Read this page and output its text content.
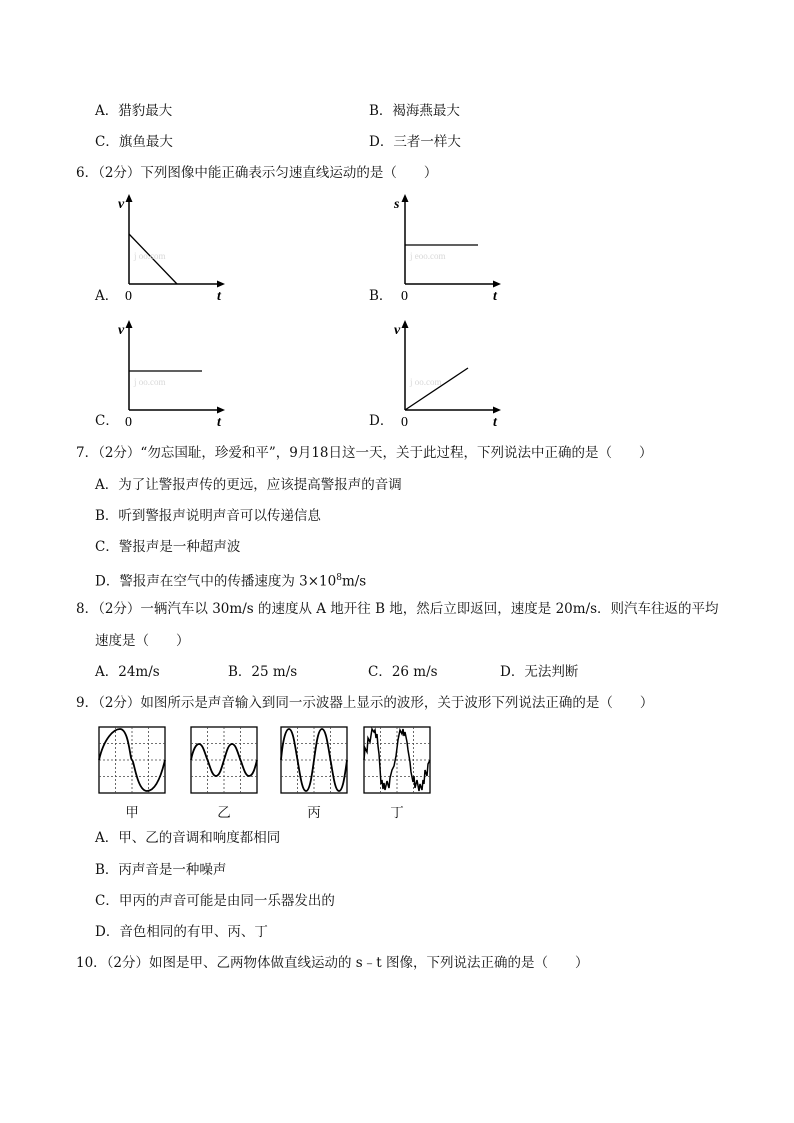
A．猎豹最大	B．褐海燕最大
C．旗鱼最大	D．三者一样大
6．（2分）下列图像中能正确表示匀速直线运动的是（　　）
j oo.com
v
t
0
A．
j eoo.com
s
t
0
B．
j oo.com
v
t
0
C．
j oo.com
v
t
0
D．
7．（2分）“勿忘国耻，珍爱和平”，9月18日这一天，关于此过程，下列说法中正确的是（　　）
A．为了让警报声传的更远，应该提高警报声的音调
B．听到警报声说明声音可以传递信息
C．警报声是一种超声波
D．警报声在空气中的传播速度为 $3\times 10^8m/s$
8．（2分）一辆汽车以 30m/s 的速度从 A 地开往 B 地，然后立即返回，速度是 20m/s．则汽车往返的平均
速度是（　　）
A．24m/s	B．25 m/s	C．26 m/s	D．无法判断
9．（2分）如图所示是声音输入到同一示波器上显示的波形，关于波形下列说法正确的是（　　）
甲	乙	丙	丁
A．甲、乙的音调和响度都相同
B．丙声音是一种噪声
C．甲丙的声音可能是由同一乐器发出的
D．音色相同的有甲、丙、丁
10．（2分）如图是甲、乙两物体做直线运动的 s﹣t 图像，下列说法正确的是（　　）
